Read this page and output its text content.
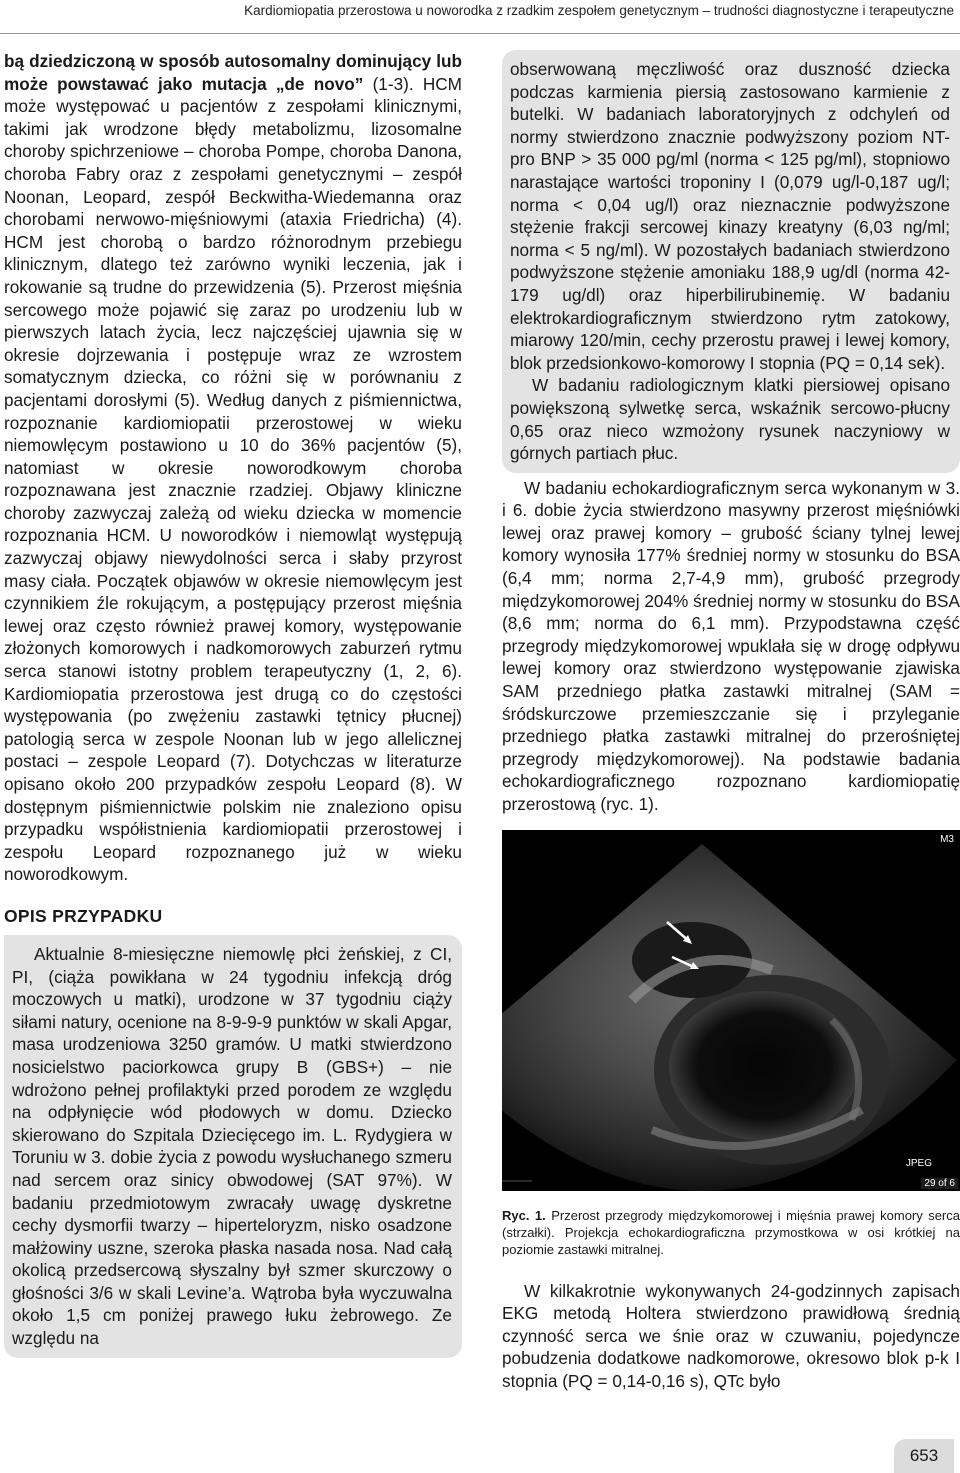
Kardiomiopatia przerostowa u noworodka z rzadkim zespołem genetycznym – trudności diagnostyczne i terapeutyczne
bą dziedziczoną w sposób autosomalny dominujący lub może powstawać jako mutacja „de novo” (1-3). HCM może występować u pacjentów z zespołami klinicznymi, takimi jak wrodzone błędy metabolizmu, lizosomalne choroby spichrzeniowe – choroba Pompe, choroba Danona, choroba Fabry oraz z zespołami genetycznymi – zespół Noonan, Leopard, zespół Beckwitha-Wiedemanna oraz chorobami nerwowo-mięśniowymi (ataxia Friedricha) (4). HCM jest chorobą o bardzo różnorodnym przebiegu klinicznym, dlatego też zarówno wyniki leczenia, jak i rokowanie są trudne do przewidzenia (5). Przerost mięśnia sercowego może pojawić się zaraz po urodzeniu lub w pierwszych latach życia, lecz najczęściej ujawnia się w okresie dojrzewania i postępuje wraz ze wzrostem somatycznym dziecka, co różni się w porównaniu z pacjentami dorosłymi (5). Według danych z piśmiennictwa, rozpoznanie kardiomiopatii przerostowej w wieku niemowlęcym postawiono u 10 do 36% pacjentów (5), natomiast w okresie noworodkowym choroba rozpoznawana jest znacznie rzadziej. Objawy kliniczne choroby zazwyczaj zależą od wieku dziecka w momencie rozpoznania HCM. U noworodków i niemowląt występują zazwyczaj objawy niewydolności serca i słaby przyrost masy ciała. Początek objawów w okresie niemowlęcym jest czynnikiem źle rokującym, a postępujący przerost mięśnia lewej oraz często również prawej komory, występowanie złożonych komorowych i nadkomorowych zaburzeń rytmu serca stanowi istotny problem terapeutyczny (1, 2, 6). Kardiomiopatia przerostowa jest drugą co do częstości występowania (po zwężeniu zastawki tętnicy płucnej) patologią serca w zespole Noonan lub w jego allelicznej postaci – zespole Leopard (7). Dotychczas w literaturze opisano około 200 przypadków zespołu Leopard (8). W dostępnym piśmiennictwie polskim nie znaleziono opisu przypadku współistnienia kardiomiopatii przerostowej i zespołu Leopard rozpoznanego już w wieku noworodkowym.
OPIS PRZYPADKU

Aktualnie 8-miesięczne niemowlę płci żeńskiej, z CI, PI, (ciąża powikłana w 24 tygodniu infekcją dróg moczowych u matki), urodzone w 37 tygodniu ciąży siłami natury, ocenione na 8-9-9-9 punktów w skali Apgar, masa urodzeniowa 3250 gramów. U matki stwierdzono nosicielstwo paciorkowca grupy B (GBS+) – nie wdrożono pełnej profilaktyki przed porodem ze względu na odpłynięcie wód płodowych w domu. Dziecko skierowano do Szpitala Dziecięcego im. L. Rydygiera w Toruniu w 3. dobie życia z powodu wysłuchanego szmeru nad sercem oraz sinicy obwodowej (SAT 97%). W badaniu przedmiotowym zwracały uwagę dyskretne cechy dysmorfii twarzy – hiperteloryzm, nisko osadzone małżowiny uszne, szeroka płaska nasada nosa. Nad całą okolicą przedsercową słyszalny był szmer skurczowy o głośności 3/6 w skali Levine’a. Wątroba była wyczuwalna około 1,5 cm poniżej prawego łuku żebrowego. Ze względu na

obserwowaną męczliwość oraz duszność dziecka podczas karmienia piersią zastosowano karmienie z butelki. W badaniach laboratoryjnych z odchyleń od normy stwierdzono znacznie podwyższony poziom NT-pro BNP > 35 000 pg/ml (norma < 125 pg/ml), stopniowo narastające wartości troponiny I (0,079 ug/l-0,187 ug/l; norma < 0,04 ug/l) oraz nieznacznie podwyższone stężenie frakcji sercowej kinazy kreatyny (6,03 ng/ml; norma < 5 ng/ml). W pozostałych badaniach stwierdzono podwyższone stężenie amoniaku 188,9 ug/dl (norma 42-179 ug/dl) oraz hiperbilirubinemię. W badaniu elektrokardiograficznym stwierdzono rytm zatokowy, miarowy 120/min, cechy przerostu prawej i lewej komory, blok przedsionkowo-komorowy I stopnia (PQ = 0,14 sek).

W badaniu radiologicznym klatki piersiowej opisano powiększoną sylwetkę serca, wskaźnik sercowo-płucny 0,65 oraz nieco wzmożony rysunek naczyniowy w górnych partiach płuc.

W badaniu echokardiograficznym serca wykonanym w 3. i 6. dobie życia stwierdzono masywny przerost mięśniówki lewej oraz prawej komory – grubość ściany tylnej lewej komory wynosiła 177% średniej normy w stosunku do BSA (6,4 mm; norma 2,7-4,9 mm), grubość przegrody międzykomorowej 204% średniej normy w stosunku do BSA (8,6 mm; norma do 6,1 mm). Przypodstawna część przegrody międzykomorowej wpuklała się w drogę odpływu lewej komory oraz stwierdzono występowanie zjawiska SAM przedniego płatka zastawki mitralnej (SAM = śródskurczowe przemieszczanie się i przyleganie przedniego płatka zastawki mitralnej do przerośniętej przegrody międzykomorowej). Na podstawie badania echokardiograficznego rozpoznano kardiomiopatię przerostową (ryc. 1).

M3
JPEG
29 of 6

Ryc. 1. Przerost przegrody międzykomorowej i mięśnia prawej komory serca (strzałki). Projekcja echokardiograficzna przymostkowa w osi krótkiej na poziomie zastawki mitralnej.

W kilkakrotnie wykonywanych 24-godzinnych zapisach EKG metodą Holtera stwierdzono prawidłową średnią czynność serca we śnie oraz w czuwaniu, pojedyncze pobudzenia dodatkowe nadkomorowe, okresowo blok p-k I stopnia (PQ = 0,14-0,16 s), QTc było

653
